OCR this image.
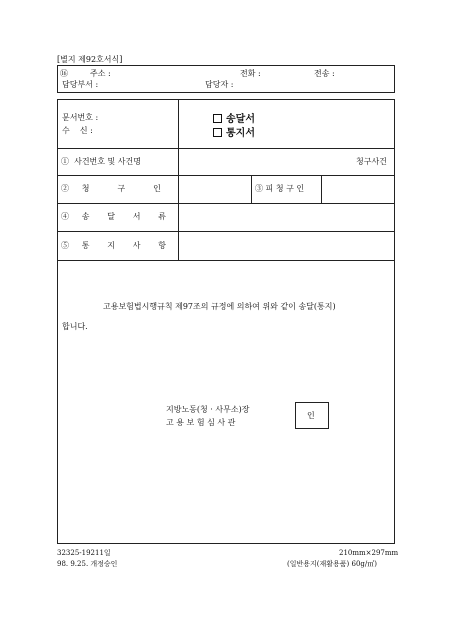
[별지 제92호서식]
⑯	주소 :	전화 :	전송 :
담당부서 :	담당자 :
문서번호 :
수    신 :
송달서
통지서
①  사건번호 및 사건명	청구사건
②     청           구           인	③ 피 청 구 인
④     송       달       서       류
⑤     통       지       사       항
고용보험법시행규칙 제97조의 규정에 의하여 위와 같이 송달(통지)
합니다.
지방노동(청 · 사무소)장
고 용 보 험 심 사 관
인
32325-19211일
98. 9.25. 개정승인
210mm×297mm
(일반용지(재활용품) 60g/㎡)
